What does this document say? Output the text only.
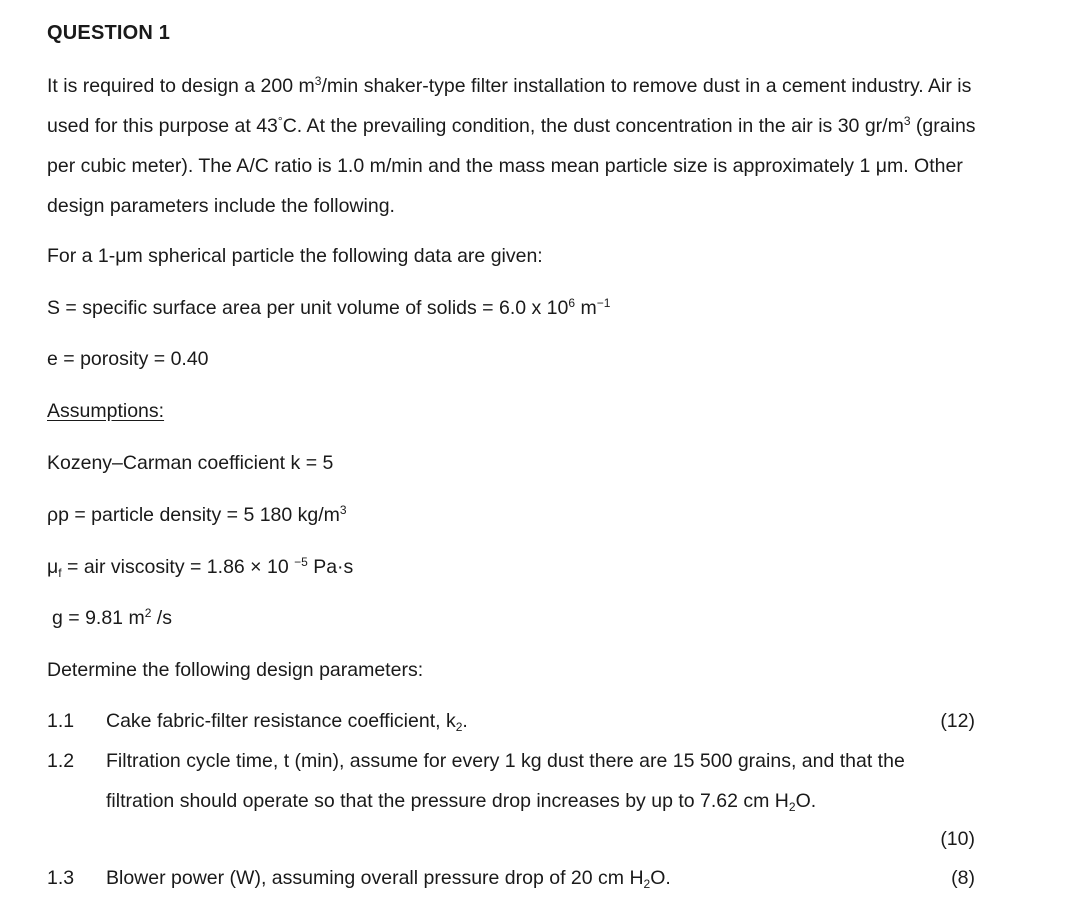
QUESTION 1
It is required to design a 200 $m^3/\min$ shaker-type filter installation to remove dust in a cement industry. Air is used for this purpose at 43°C. At the prevailing condition, the dust concentration in the air is 30 $gr/m^3$ (grains per cubic meter). The A/C ratio is 1.0 m/min and the mass mean particle size is approximately 1 μm. Other design parameters include the following.
For a 1-μm spherical particle the following data are given:
S = specific surface area per unit volume of solids = 6.0 x $10^6$ $m^{-1}$
e = porosity = 0.40
Assumptions:
Kozeny–Carman coefficient k = 5
ρp = particle density = 5 180 $kg/m^3$
$\mu_f$ = air viscosity = 1.86 × 10 $^{-5}$ Pa·s
g = 9.81 $m^2$ /s
Determine the following design parameters:
1.1 Cake fabric-filter resistance coefficient, $k_2$.	(12)
1.2 Filtration cycle time, t (min), assume for every 1 kg dust there are 15 500 grains, and that the filtration should operate so that the pressure drop increases by up to 7.62 cm $H_2O$.
(10)
1.3 Blower power (W), assuming overall pressure drop of 20 cm $H_2O$.	(8)
